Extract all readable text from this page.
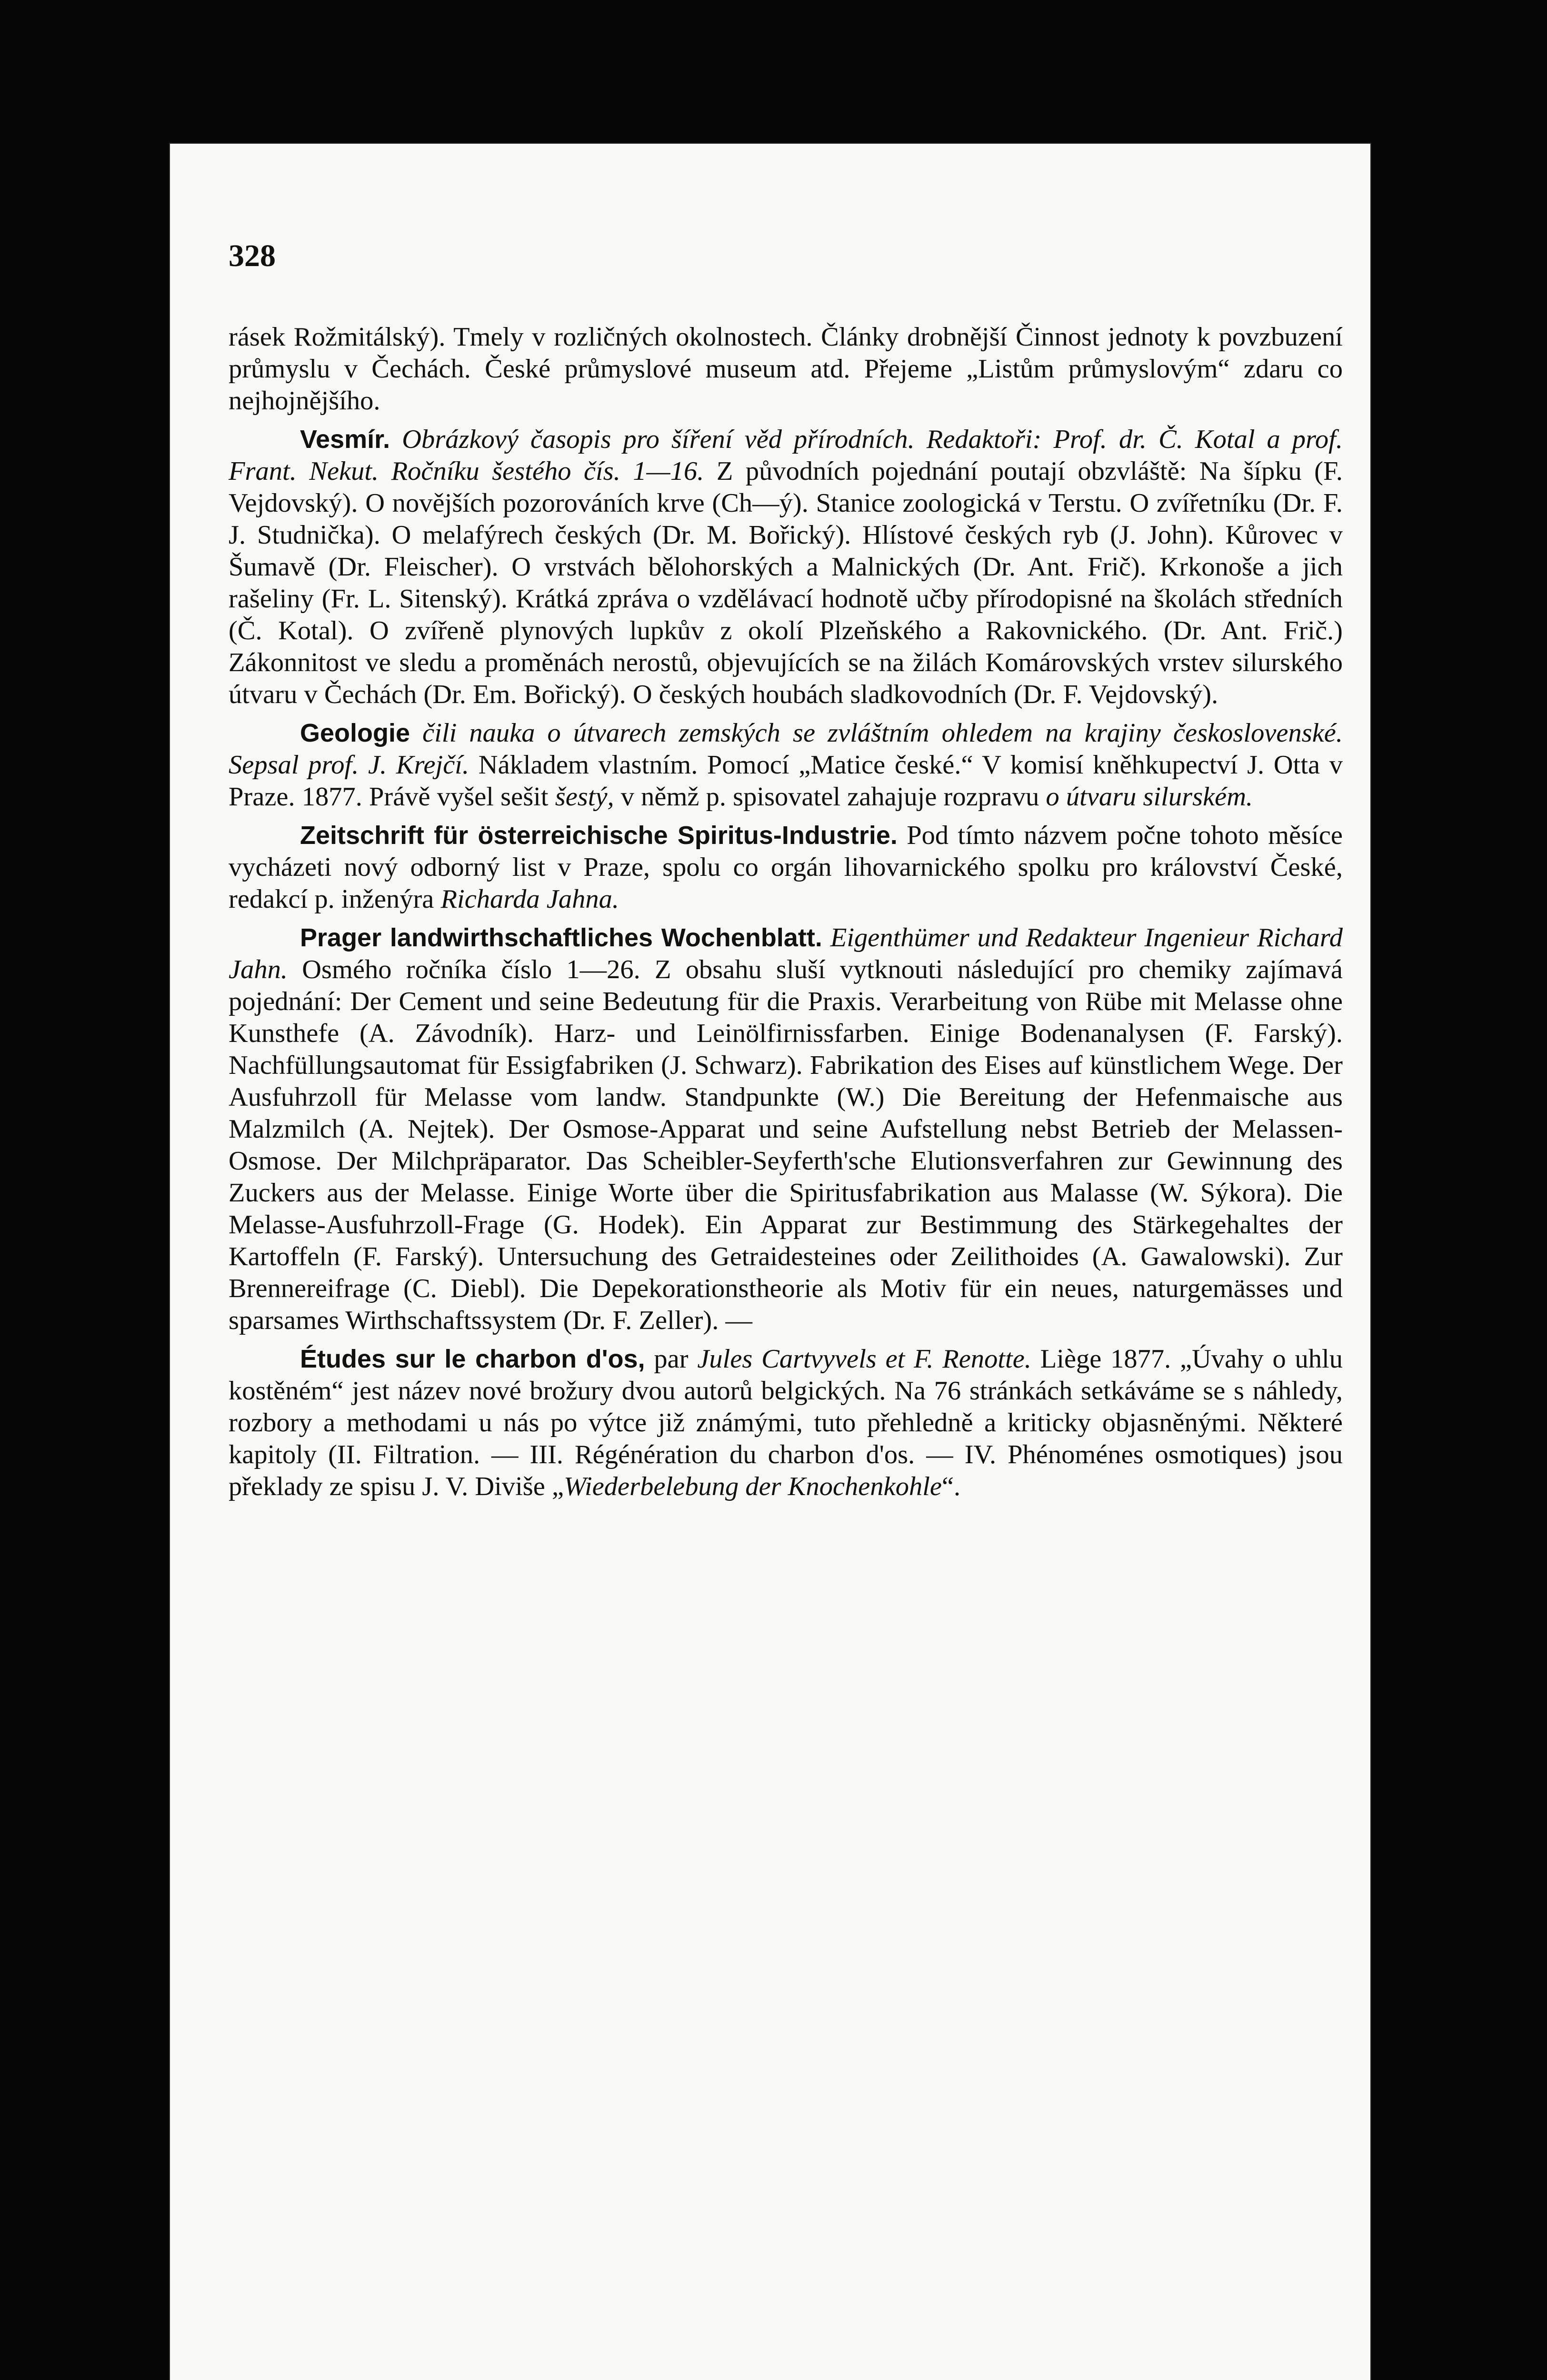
328

rásek Rožmitálský). Tmely v rozličných okolnostech. Články drobnější Činnost jednoty k povzbuzení průmyslu v Čechách. České průmyslové museum atd. Přejeme „Listům průmyslovým“ zdaru co nejhojnějšího.

Vesmír. Obrázkový časopis pro šíření věd přírodních. Redaktoři: Prof. dr. Č. Kotal a prof. Frant. Nekut. Ročníku šestého čís. 1—16. Z původních pojednání poutají obzvláště: Na šípku (F. Vejdovský). O novějších pozorováních krve (Ch—ý). Stanice zoologická v Terstu. O zvířetníku (Dr. F. J. Studnička). O melafýrech českých (Dr. M. Bořický). Hlístové českých ryb (J. John). Kůrovec v Šumavě (Dr. Fleischer). O vrstvách bělohorských a Malnických (Dr. Ant. Frič). Krkonoše a jich rašeliny (Fr. L. Sitenský). Krátká zpráva o vzdělávací hodnotě učby přírodopisné na školách středních (Č. Kotal). O zvířeně plynových lupkův z okolí Plzeňského a Rakovnického. (Dr. Ant. Frič.) Zákonnitost ve sledu a proměnách nerostů, objevujících se na žilách Komárovských vrstev silurského útvaru v Čechách (Dr. Em. Bořický). O českých houbách sladkovodních (Dr. F. Vejdovský).

Geologie čili nauka o útvarech zemských se zvláštním ohledem na krajiny československé. Sepsal prof. J. Krejčí. Nákladem vlastním. Pomocí „Matice české.“ V komisí kněhkupectví J. Otta v Praze. 1877. Právě vyšel sešit šestý, v němž p. spisovatel zahajuje rozpravu o útvaru silurském.

Zeitschrift für österreichische Spiritus-Industrie. Pod tímto názvem počne tohoto měsíce vycházeti nový odborný list v Praze, spolu co orgán lihovarnického spolku pro království České, redakcí p. inženýra Richarda Jahna.

Prager landwirthschaftliches Wochenblatt. Eigenthümer und Redakteur Ingenieur Richard Jahn. Osmého ročníka číslo 1—26. Z obsahu sluší vytknouti následující pro chemiky zajímavá pojednání: Der Cement und seine Bedeutung für die Praxis. Verarbeitung von Rübe mit Melasse ohne Kunsthefe (A. Závodník). Harz- und Leinölfirnissfarben. Einige Bodenanalysen (F. Farský). Nachfüllungsautomat für Essigfabriken (J. Schwarz). Fabrikation des Eises auf künstlichem Wege. Der Ausfuhrzoll für Melasse vom landw. Standpunkte (W.) Die Bereitung der Hefenmaische aus Malzmilch (A. Nejtek). Der Osmose-Apparat und seine Aufstellung nebst Betrieb der Melassen-Osmose. Der Milchpräparator. Das Scheibler-Seyferth'sche Elutionsverfahren zur Gewinnung des Zuckers aus der Melasse. Einige Worte über die Spiritusfabrikation aus Malasse (W. Sýkora). Die Melasse-Ausfuhrzoll-Frage (G. Hodek). Ein Apparat zur Bestimmung des Stärkegehaltes der Kartoffeln (F. Farský). Untersuchung des Getraidesteines oder Zeilithoides (A. Gawalowski). Zur Brennereifrage (C. Diebl). Die Depekorationstheorie als Motiv für ein neues, naturgemässes und sparsames Wirthschaftssystem (Dr. F. Zeller). —

Études sur le charbon d'os, par Jules Cartvyvels et F. Renotte. Liège 1877. „Úvahy o uhlu kostěném“ jest název nové brožury dvou autorů belgických. Na 76 stránkách setkáváme se s náhledy, rozbory a methodami u nás po výtce již známými, tuto přehledně a kriticky objasněnými. Některé kapitoly (II. Filtration. — III. Régénération du charbon d'os. — IV. Phénoménes osmotiques) jsou překlady ze spisu J. V. Diviše „Wiederbelebung der Knochenkohle“.
